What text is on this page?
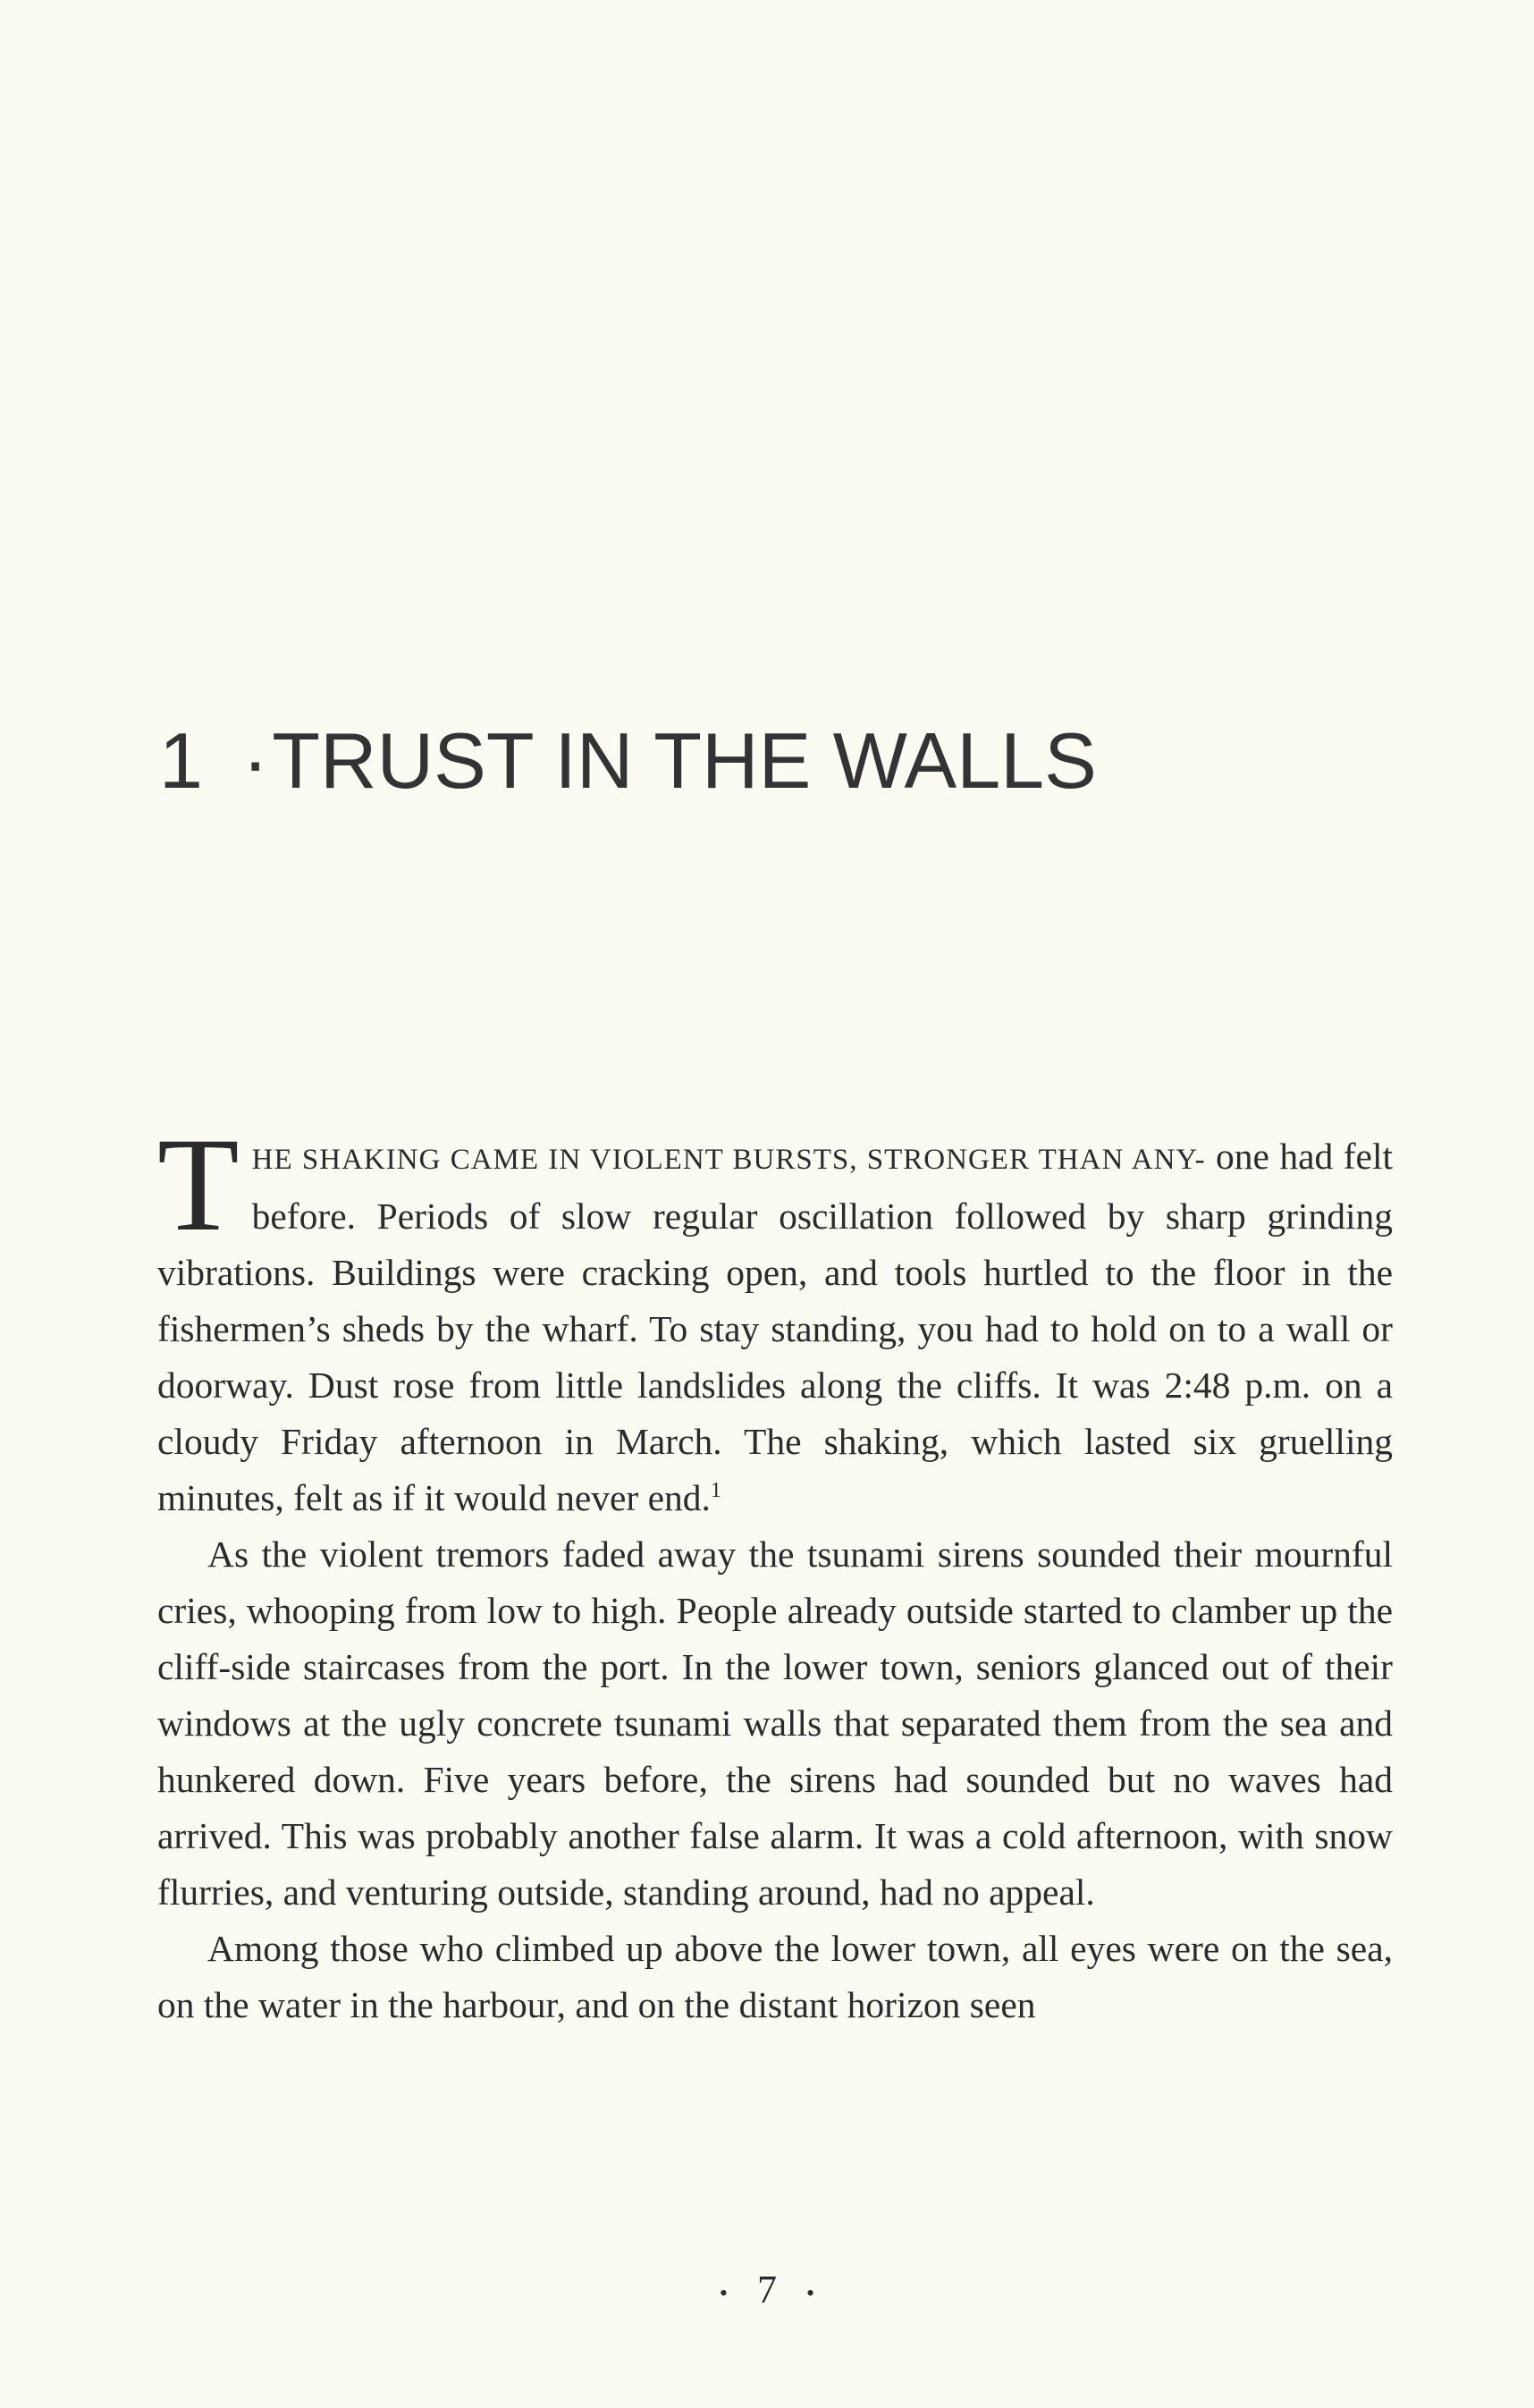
1 ·TRUST IN THE WALLS

THE SHAKING CAME IN VIOLENT BURSTS, STRONGER THAN ANY- one had felt before. Periods of slow regular oscillation followed by sharp grinding vibrations. Buildings were cracking open, and tools hurtled to the floor in the fishermen’s sheds by the wharf. To stay standing, you had to hold on to a wall or doorway. Dust rose from little landslides along the cliffs. It was 2:48 p.m. on a cloudy Friday afternoon in March. The shaking, which lasted six gruelling minutes, felt as if it would never end.$^1$

As the violent tremors faded away the tsunami sirens sounded their mournful cries, whooping from low to high. People already outside started to clamber up the cliff-side staircases from the port. In the lower town, seniors glanced out of their windows at the ugly concrete tsunami walls that separated them from the sea and hunkered down. Five years before, the sirens had sounded but no waves had arrived. This was probably another false alarm. It was a cold afternoon, with snow flurries, and venturing outside, standing around, had no appeal.

Among those who climbed up above the lower town, all eyes were on the sea, on the water in the harbour, and on the distant horizon seen

• 7 •
